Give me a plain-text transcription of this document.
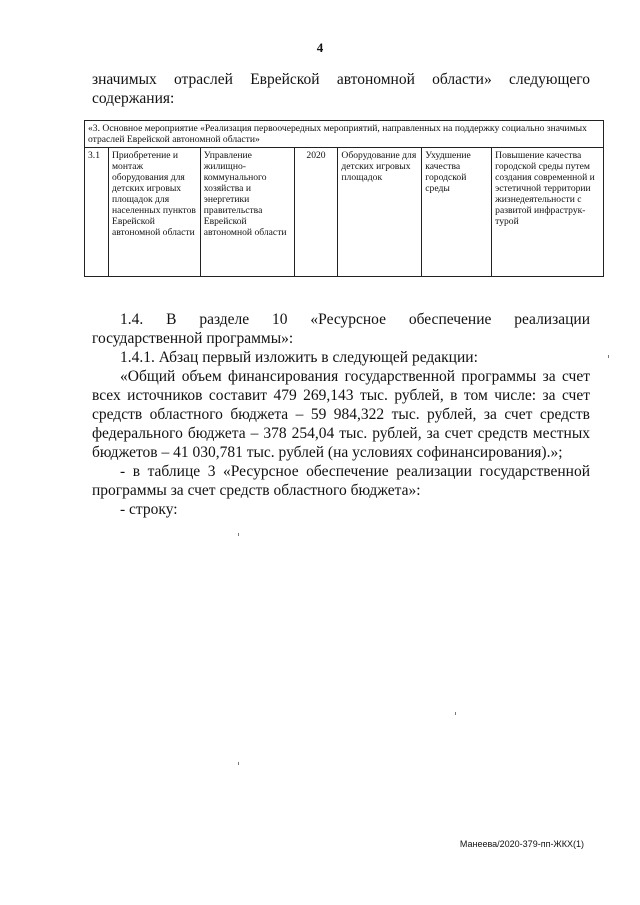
4
значимых отраслей Еврейской автономной области» следующего
содержания:
«3. Основное мероприятие «Реализация первоочередных мероприятий, направленных на поддержку социально значимых отраслей Еврейской автономной области»
3.1	Приобретение и монтаж оборудования для детских игровых площадок для населенных пунктов Еврейской автономной области	Управление жилищно-коммунального хозяйства и энергетики правительства Еврейской автономной области	2020	Оборудование для детских игровых площадок	Ухудшение качества городской среды	Повышение качества городской среды путем создания современной и эстетичной территории жизнедеятельности с развитой инфраструк-турой
1.4. В разделе 10 «Ресурсное обеспечение реализации
государственной программы»:
1.4.1. Абзац первый изложить в следующей редакции:
«Общий объем финансирования государственной программы за счет
всех источников составит 479 269,143 тыс. рублей, в том числе: за счет
средств областного бюджета – 59 984,322 тыс. рублей, за счет средств
федерального бюджета – 378 254,04 тыс. рублей, за счет средств местных
бюджетов – 41 030,781 тыс. рублей (на условиях софинансирования).»;
- в таблице 3 «Ресурсное обеспечение реализации государственной
программы за счет средств областного бюджета»:
- строку:
Манеева/2020-379-пп-ЖКХ(1)
